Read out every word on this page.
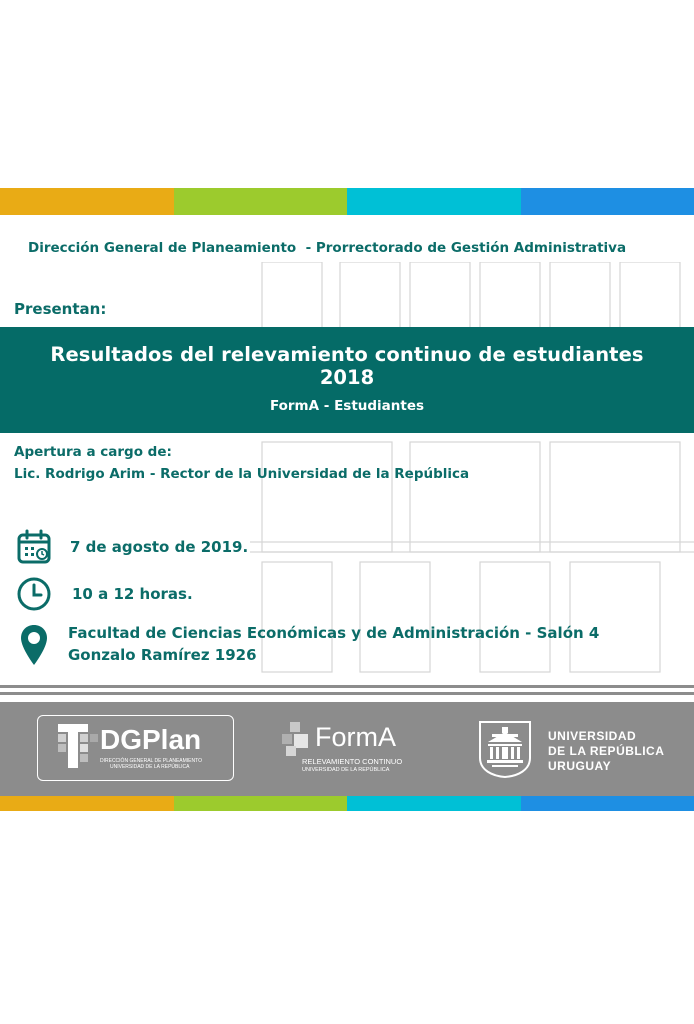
Dirección General de Planeamiento  - Prorrectorado de Gestión Administrativa
Presentan:
Resultados del relevamiento continuo de estudiantes
2018
FormA - Estudiantes
Apertura a cargo de:
Lic. Rodrigo Arim - Rector de la Universidad de la República
7 de agosto de 2019.
10 a 12 horas.
Facultad de Ciencias Económicas y de Administración - Salón 4
Gonzalo Ramírez 1926
DGPlan
DIRECCIÓN GENERAL DE PLANEAMIENTO
UNIVERSIDAD DE LA REPÚBLICA
FormA
RELEVAMIENTO CONTINUO
UNIVERSIDAD DE LA REPÚBLICA
UNIVERSIDAD
DE LA REPÚBLICA
URUGUAY
